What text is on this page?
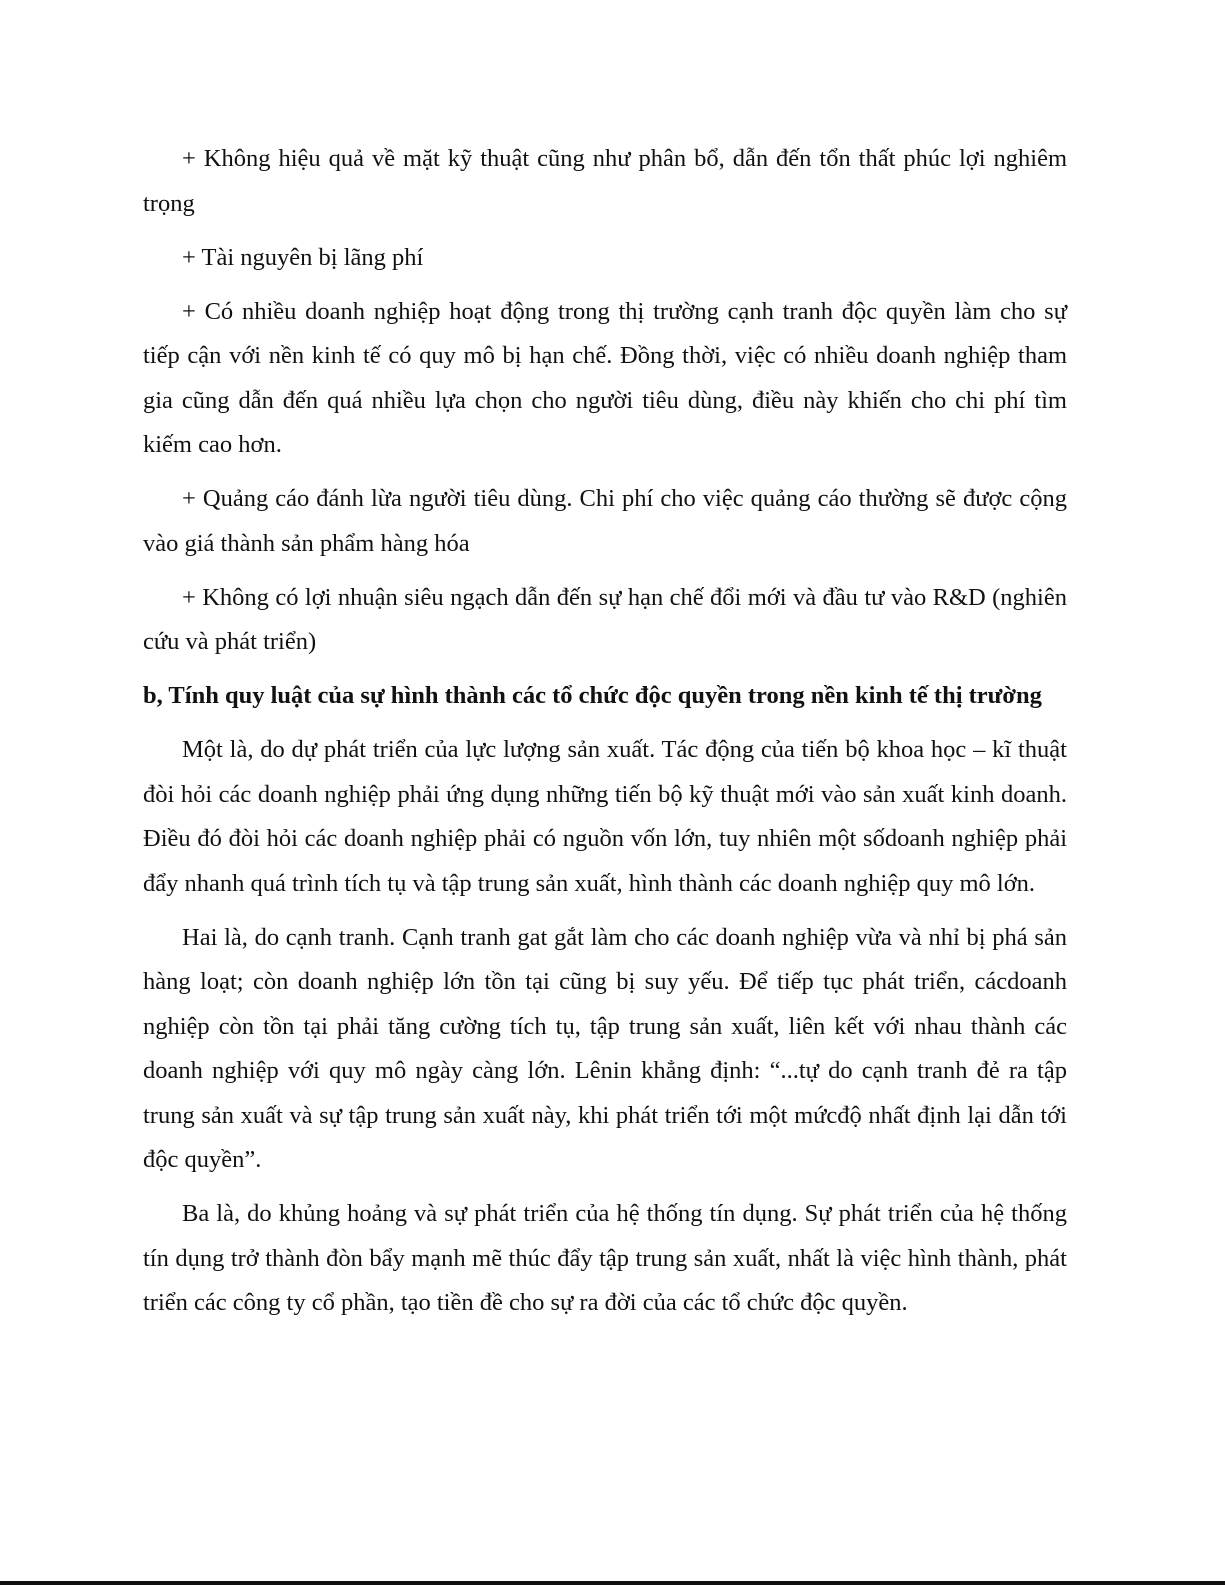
+ Không hiệu quả về mặt kỹ thuật cũng như phân bổ, dẫn đến tổn thất phúc lợi nghiêm trọng

+ Tài nguyên bị lãng phí

+ Có nhiều doanh nghiệp hoạt động trong thị trường cạnh tranh độc quyền làm cho sự tiếp cận với nền kinh tế có quy mô bị hạn chế. Đồng thời, việc có nhiều doanh nghiệp tham gia cũng dẫn đến quá nhiều lựa chọn cho người tiêu dùng, điều này khiến cho chi phí tìm kiếm cao hơn.

+ Quảng cáo đánh lừa người tiêu dùng. Chi phí cho việc quảng cáo thường sẽ được cộng vào giá thành sản phẩm hàng hóa

+ Không có lợi nhuận siêu ngạch dẫn đến sự hạn chế đổi mới và đầu tư vào R&D (nghiên cứu và phát triển)

b, Tính quy luật của sự hình thành các tổ chức độc quyền trong nền kinh tế thị trường

Một là, do dự phát triển của lực lượng sản xuất. Tác động của tiến bộ khoa học – kĩ thuật đòi hỏi các doanh nghiệp phải ứng dụng những tiến bộ kỹ thuật mới vào sản xuất kinh doanh. Điều đó đòi hỏi các doanh nghiệp phải có nguồn vốn lớn, tuy nhiên một sốdoanh nghiệp phải đẩy nhanh quá trình tích tụ và tập trung sản xuất, hình thành các doanh nghiệp quy mô lớn.

Hai là, do cạnh tranh. Cạnh tranh gat gắt làm cho các doanh nghiệp vừa và nhỉ bị phá sản hàng loạt; còn doanh nghiệp lớn tồn tại cũng bị suy yếu. Để tiếp tục phát triển, cácdoanh nghiệp còn tồn tại phải tăng cường tích tụ, tập trung sản xuất, liên kết với nhau thành các doanh nghiệp với quy mô ngày càng lớn. Lênin khẳng định: “...tự do cạnh tranh đẻ ra tập trung sản xuất và sự tập trung sản xuất này, khi phát triển tới một mứcđộ nhất định lại dẫn tới độc quyền”.

Ba là, do khủng hoảng và sự phát triển của hệ thống tín dụng. Sự phát triển của hệ thống tín dụng trở thành đòn bẩy mạnh mẽ thúc đẩy tập trung sản xuất, nhất là việc hình thành, phát triển các công ty cổ phần, tạo tiền đề cho sự ra đời của các tổ chức độc quyền.
